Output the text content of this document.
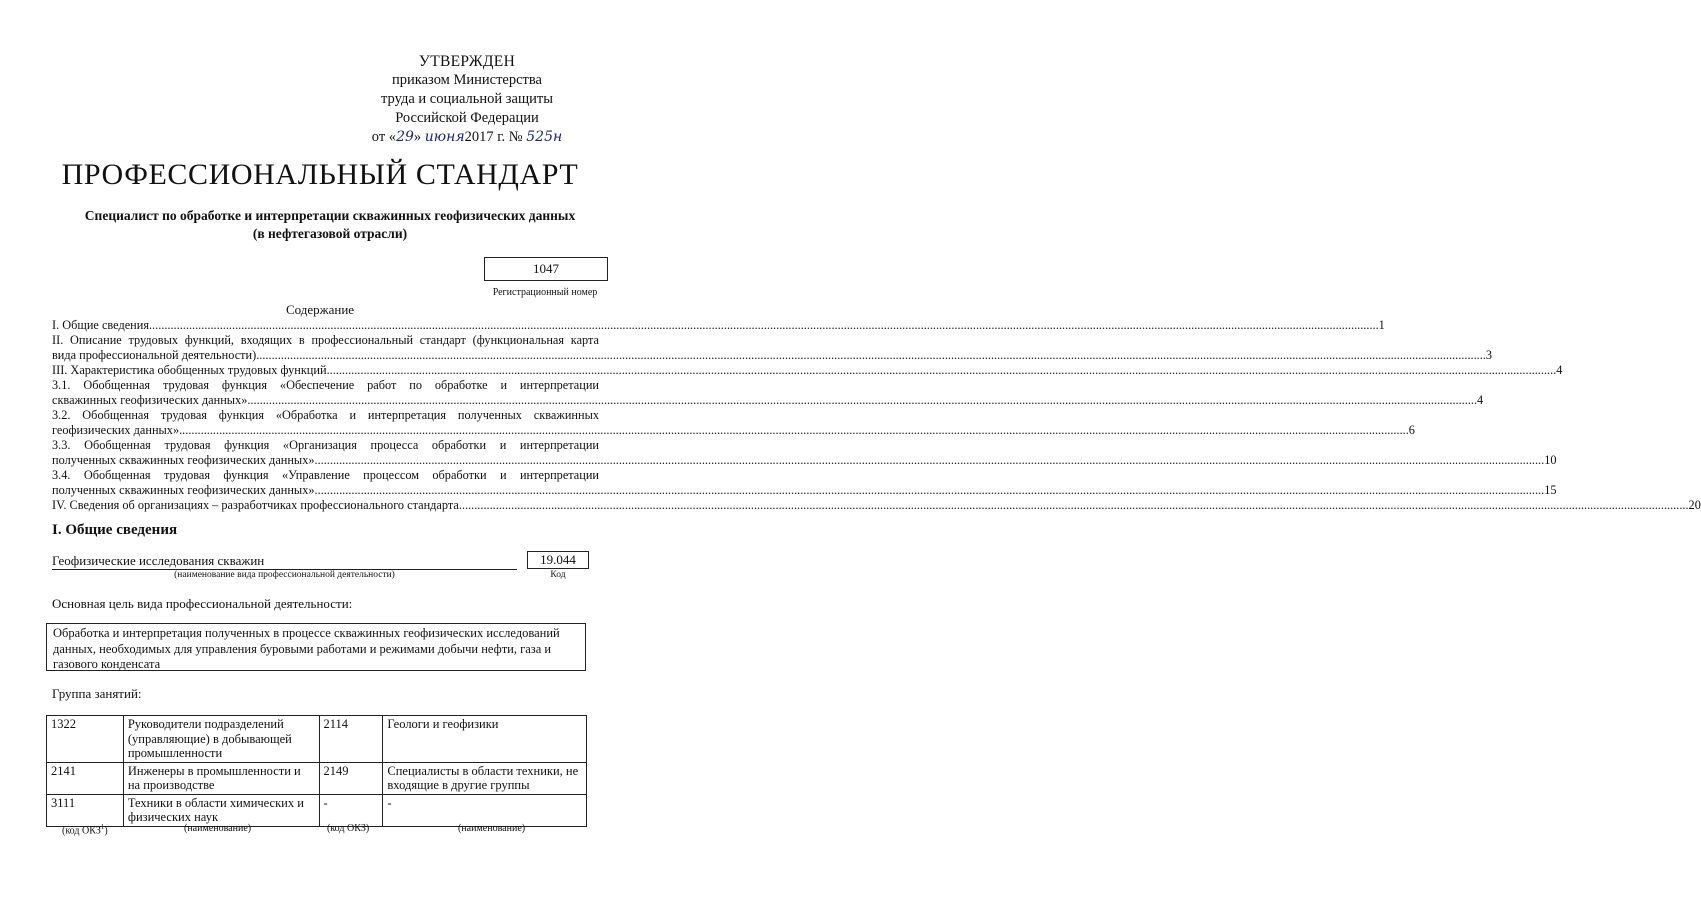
УТВЕРЖДЕН
приказом Министерства
труда и социальной защиты
Российской Федерации
от «29» июня2017 г. № 525н
ПРОФЕССИОНАЛЬНЫЙ СТАНДАРТ
Специалист по обработке и интерпретации скважинных геофизических данных
(в нефтегазовой отрасли)
1047
Регистрационный номер
Содержание
I. Общие сведения ................................................................................................................................................................................................................................................................................................................................................................................................................ 1
II. Описание трудовых функций, входящих в профессиональный стандарт (функциональная карта
вида профессиональной деятельности) ................................................................................................................................................................................................................................................................................................................................................................................................................ 3
III. Характеристика обобщенных трудовых функций ................................................................................................................................................................................................................................................................................................................................................................................................................ 4
3.1. Обобщенная трудовая функция «Обеспечение работ по обработке и интерпретации
скважинных геофизических данных» ................................................................................................................................................................................................................................................................................................................................................................................................................ 4
3.2. Обобщенная трудовая функция «Обработка и интерпретация полученных скважинных
геофизических данных» ................................................................................................................................................................................................................................................................................................................................................................................................................ 6
3.3. Обобщенная трудовая функция «Организация процесса обработки и интерпретации
полученных скважинных геофизических данных» ................................................................................................................................................................................................................................................................................................................................................................................................................ 10
3.4. Обобщенная трудовая функция «Управление процессом обработки и интерпретации
полученных скважинных геофизических данных» ................................................................................................................................................................................................................................................................................................................................................................................................................ 15
IV. Сведения об организациях – разработчиках профессионального стандарта ................................................................................................................................................................................................................................................................................................................................................................................................................ 20
I. Общие сведения
Геофизические исследования скважин
(наименование вида профессиональной деятельности)
19.044
Код
Основная цель вида профессиональной деятельности:
Обработка и интерпретация полученных в процессе скважинных геофизических исследований
данных, необходимых для управления буровыми работами и режимами добычи нефти, газа и
газового конденсата
Группа занятий:
1322	Руководители подразделений (управляющие) в добывающей промышленности	2114	Геологи и геофизики
2141	Инженеры в промышленности и на производстве	2149	Специалисты в области техники, не входящие в другие группы
3111	Техники в области химических и физических наук	-	-
(код ОКЗ$^1$)	(наименование)	(код ОКЗ)	(наименование)
